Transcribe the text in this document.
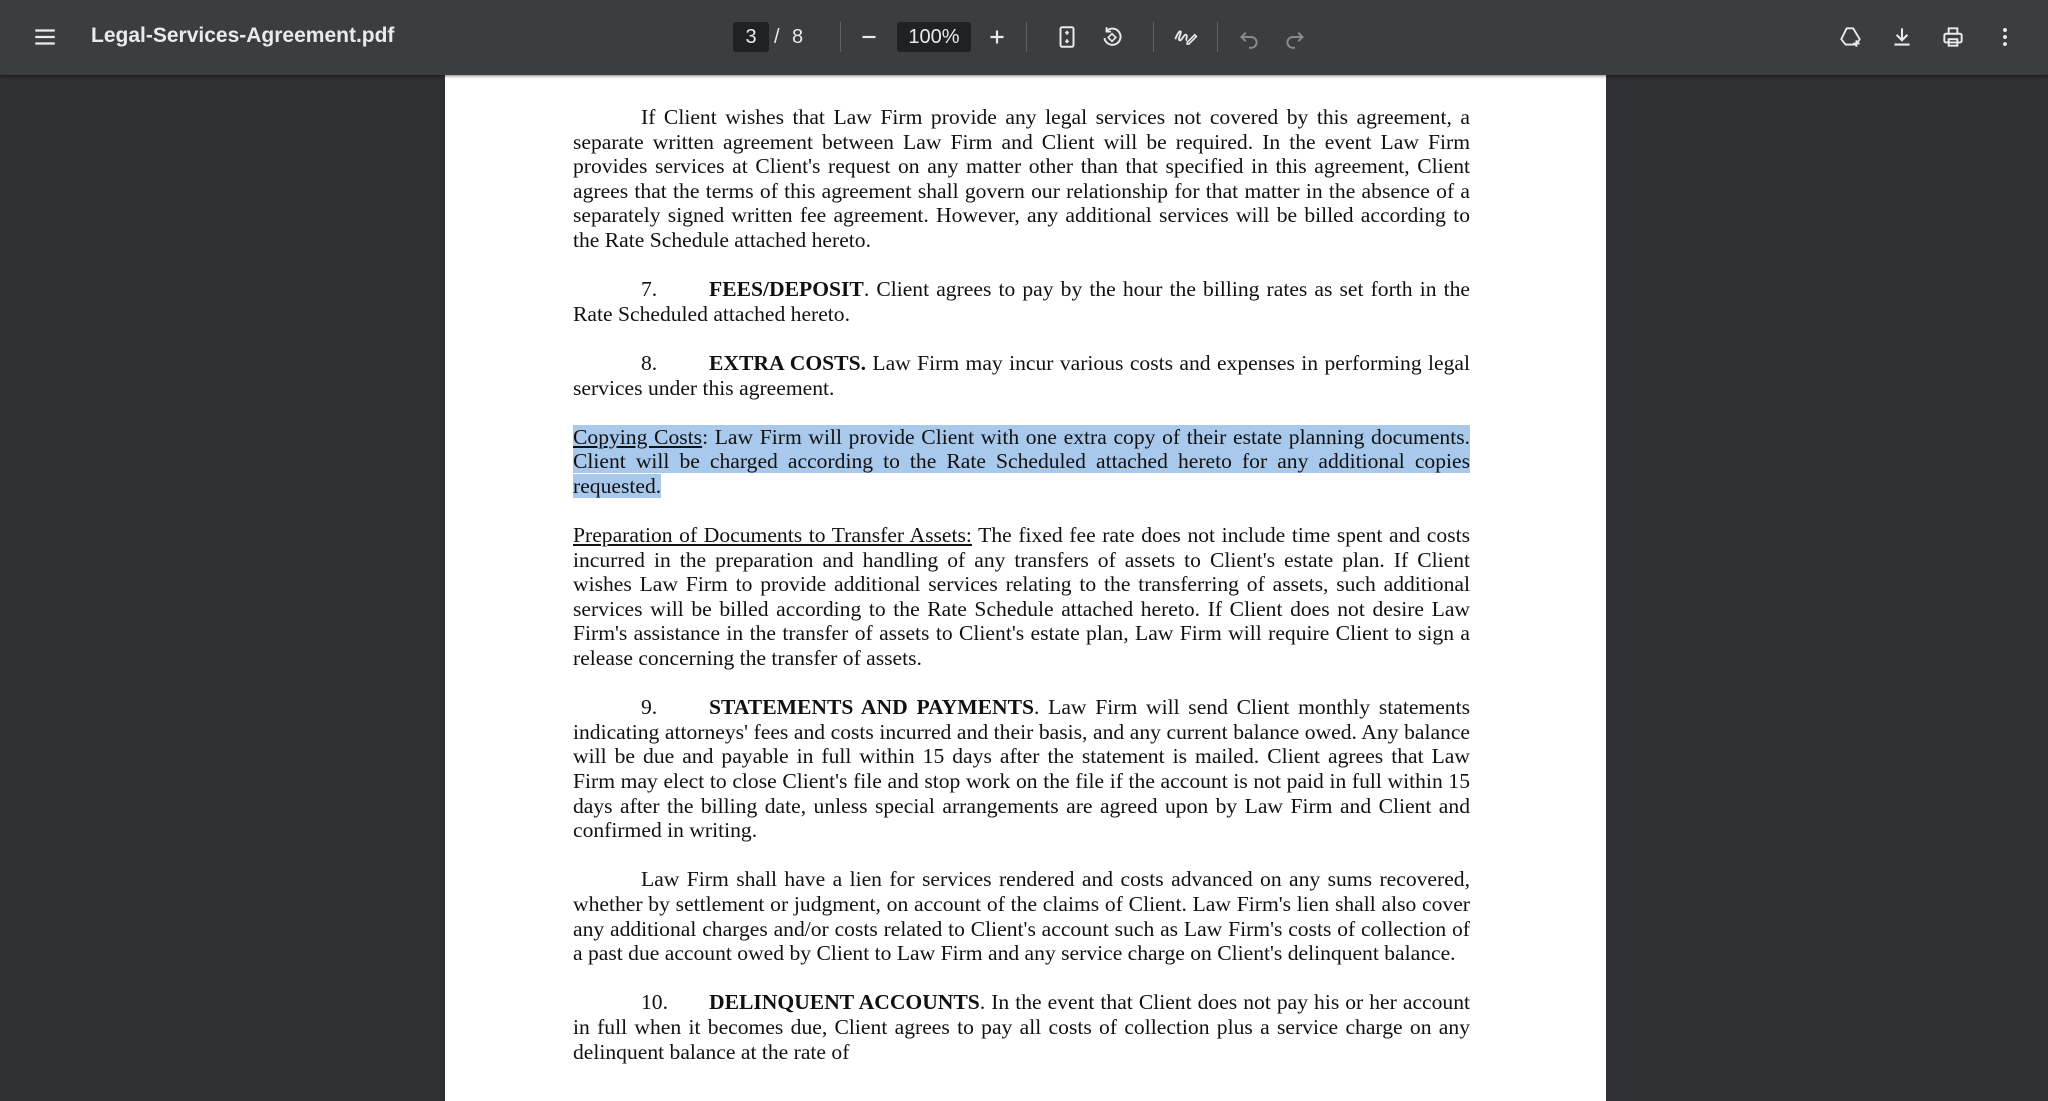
Legal-Services-Agreement.pdf	3 / 8	100%

If Client wishes that Law Firm provide any legal services not covered by this agreement, a separate written agreement between Law Firm and Client will be required. In the event Law Firm provides services at Client's request on any matter other than that specified in this agreement, Client agrees that the terms of this agreement shall govern our relationship for that matter in the absence of a separately signed written fee agreement. However, any additional services will be billed according to the Rate Schedule attached hereto.

7. FEES/DEPOSIT. Client agrees to pay by the hour the billing rates as set forth in the Rate Scheduled attached hereto.

8. EXTRA COSTS. Law Firm may incur various costs and expenses in performing legal services under this agreement.

Copying Costs: Law Firm will provide Client with one extra copy of their estate planning documents. Client will be charged according to the Rate Scheduled attached hereto for any additional copies requested.

Preparation of Documents to Transfer Assets: The fixed fee rate does not include time spent and costs incurred in the preparation and handling of any transfers of assets to Client's estate plan. If Client wishes Law Firm to provide additional services relating to the transferring of assets, such additional services will be billed according to the Rate Schedule attached hereto. If Client does not desire Law Firm's assistance in the transfer of assets to Client's estate plan, Law Firm will require Client to sign a release concerning the transfer of assets.

9. STATEMENTS AND PAYMENTS. Law Firm will send Client monthly statements indicating attorneys' fees and costs incurred and their basis, and any current balance owed. Any balance will be due and payable in full within 15 days after the statement is mailed. Client agrees that Law Firm may elect to close Client's file and stop work on the file if the account is not paid in full within 15 days after the billing date, unless special arrangements are agreed upon by Law Firm and Client and confirmed in writing.

Law Firm shall have a lien for services rendered and costs advanced on any sums recovered, whether by settlement or judgment, on account of the claims of Client. Law Firm's lien shall also cover any additional charges and/or costs related to Client's account such as Law Firm's costs of collection of a past due account owed by Client to Law Firm and any service charge on Client's delinquent balance.

10. DELINQUENT ACCOUNTS. In the event that Client does not pay his or her account in full when it becomes due, Client agrees to pay all costs of collection plus a service charge on any delinquent balance at the rate of
